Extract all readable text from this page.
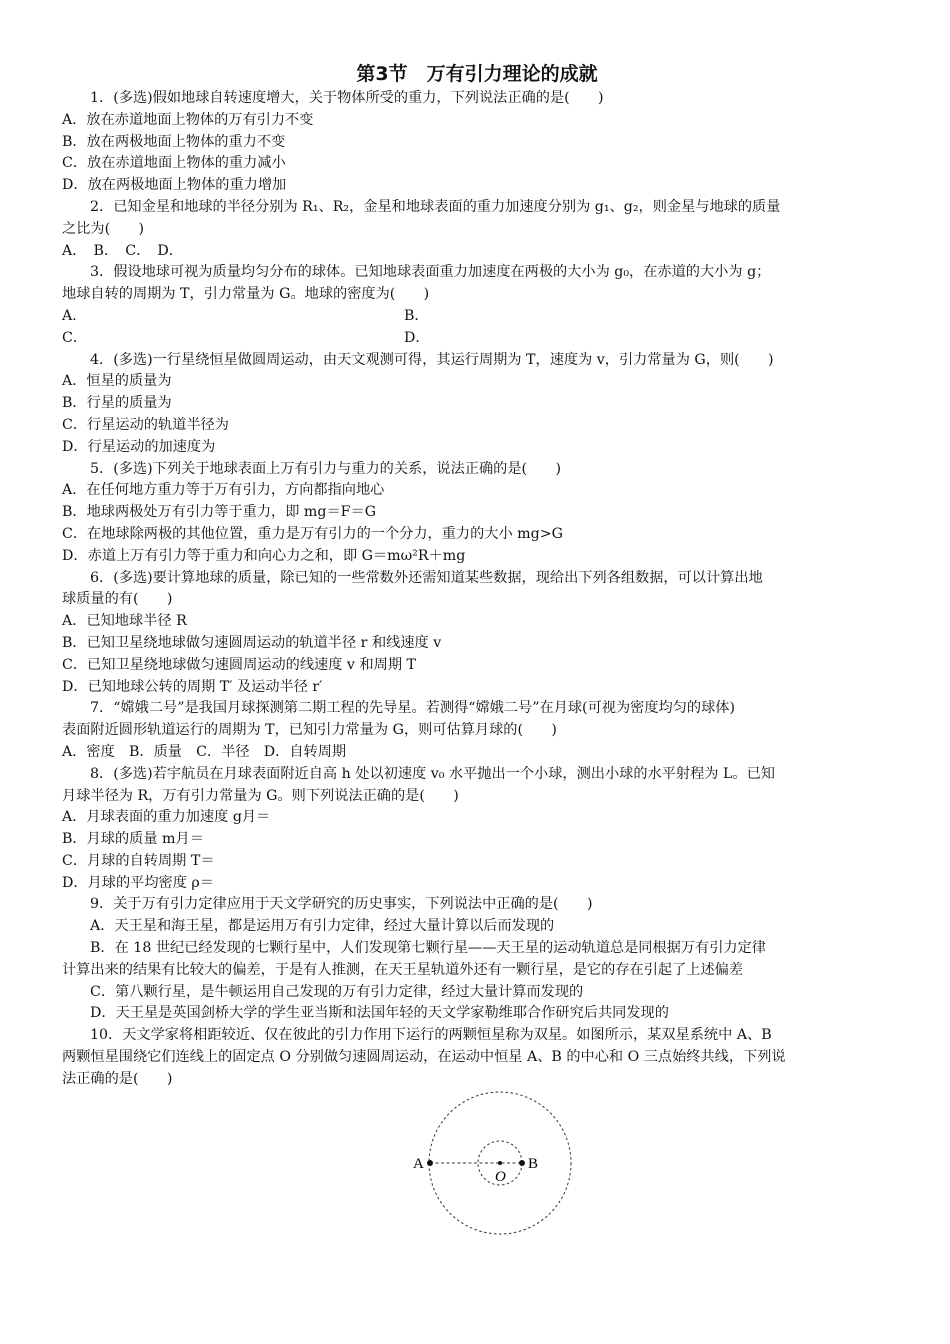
第3节　万有引力理论的成就
1．(多选)假如地球自转速度增大，关于物体所受的重力，下列说法正确的是(　　)
A．放在赤道地面上物体的万有引力不变
B．放在两极地面上物体的重力不变
C．放在赤道地面上物体的重力减小
D．放在两极地面上物体的重力增加
2．已知金星和地球的半径分别为 R₁、R₂，金星和地球表面的重力加速度分别为 g₁、g₂，则金星与地球的质量
之比为(　　)
A．　B．　C．　D．
3．假设地球可视为质量均匀分布的球体。已知地球表面重力加速度在两极的大小为 g₀，在赤道的大小为 g；
地球自转的周期为 T，引力常量为 G。地球的密度为(　　)
A．	B．
C．	D．
4．(多选)一行星绕恒星做圆周运动，由天文观测可得，其运行周期为 T，速度为 v，引力常量为 G，则(　　)
A．恒星的质量为
B．行星的质量为
C．行星运动的轨道半径为
D．行星运动的加速度为
5．(多选)下列关于地球表面上万有引力与重力的关系，说法正确的是(　　)
A．在任何地方重力等于万有引力，方向都指向地心
B．地球两极处万有引力等于重力，即 mg＝F＝G
C．在地球除两极的其他位置，重力是万有引力的一个分力，重力的大小 mg>G
D．赤道上万有引力等于重力和向心力之和，即 G＝mω²R＋mg
6．(多选)要计算地球的质量，除已知的一些常数外还需知道某些数据，现给出下列各组数据，可以计算出地
球质量的有(　　)
A．已知地球半径 R
B．已知卫星绕地球做匀速圆周运动的轨道半径 r 和线速度 v
C．已知卫星绕地球做匀速圆周运动的线速度 v 和周期 T
D．已知地球公转的周期 T′ 及运动半径 r′
7．“嫦娥二号”是我国月球探测第二期工程的先导星。若测得“嫦娥二号”在月球(可视为密度均匀的球体)
表面附近圆形轨道运行的周期为 T，已知引力常量为 G，则可估算月球的(　　)
A．密度　B．质量　C．半径　D．自转周期
8．(多选)若宇航员在月球表面附近自高 h 处以初速度 v₀ 水平抛出一个小球，测出小球的水平射程为 L。已知
月球半径为 R，万有引力常量为 G。则下列说法正确的是(　　)
A．月球表面的重力加速度 g月＝
B．月球的质量 m月＝
C．月球的自转周期 T＝
D．月球的平均密度 ρ＝
9．关于万有引力定律应用于天文学研究的历史事实，下列说法中正确的是(　　)
A．天王星和海王星，都是运用万有引力定律，经过大量计算以后而发现的
B．在 18 世纪已经发现的七颗行星中，人们发现第七颗行星——天王星的运动轨道总是同根据万有引力定律
计算出来的结果有比较大的偏差，于是有人推测，在天王星轨道外还有一颗行星，是它的存在引起了上述偏差
C．第八颗行星，是牛顿运用自己发现的万有引力定律，经过大量计算而发现的
D．天王星是英国剑桥大学的学生亚当斯和法国年轻的天文学家勒维耶合作研究后共同发现的
10．天文学家将相距较近、仅在彼此的引力作用下运行的两颗恒星称为双星。如图所示，某双星系统中 A、B
两颗恒星围绕它们连线上的固定点 O 分别做匀速圆周运动，在运动中恒星 A、B 的中心和 O 三点始终共线，下列说
法正确的是(　　)
A
O
B
